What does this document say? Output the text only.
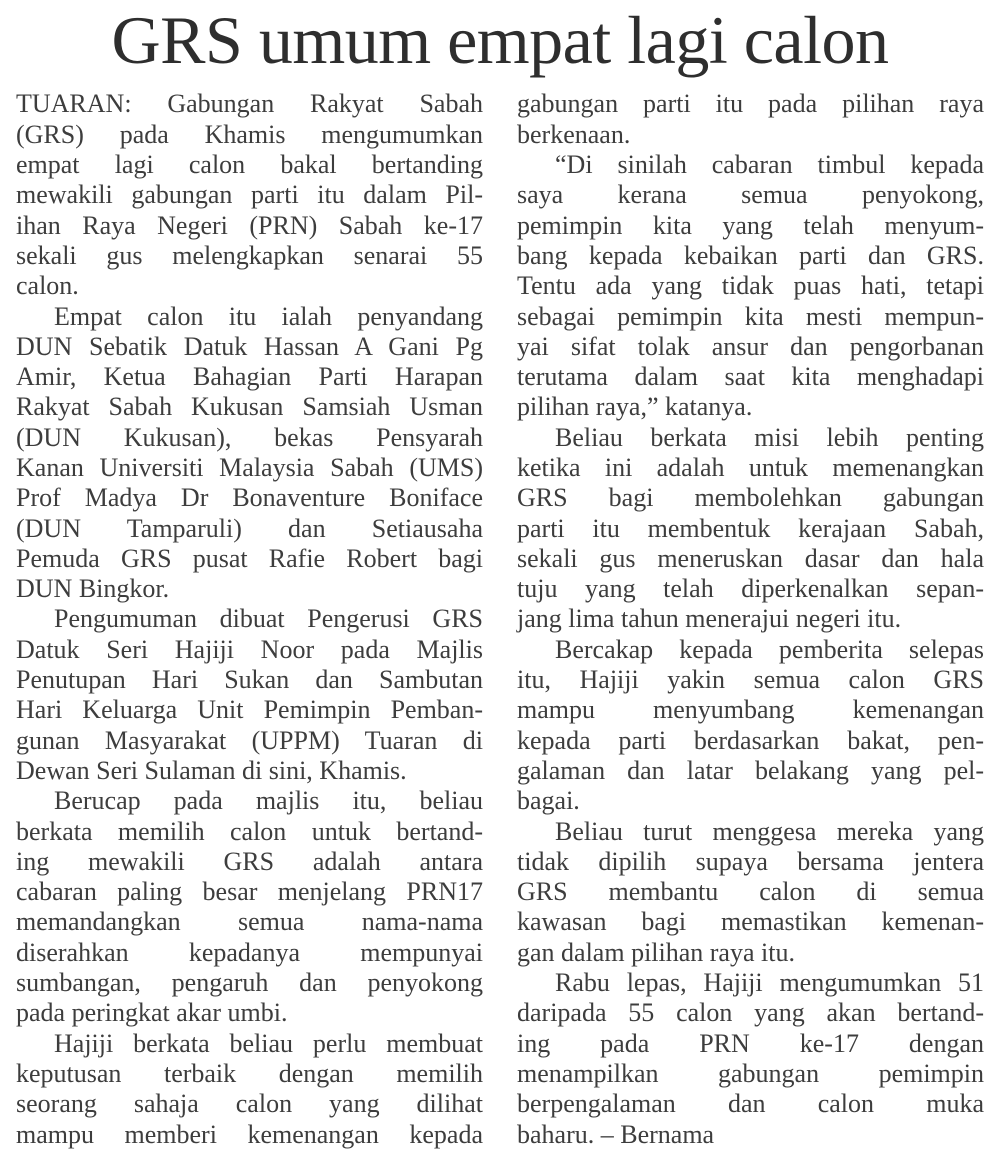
GRS umum empat lagi calon
TUARAN: Gabungan Rakyat Sabah
(GRS) pada Khamis mengumumkan
empat lagi calon bakal bertanding
mewakili gabungan parti itu dalam Pil-
ihan Raya Negeri (PRN) Sabah ke-17
sekali gus melengkapkan senarai 55
calon.
Empat calon itu ialah penyandang
DUN Sebatik Datuk Hassan A Gani Pg
Amir, Ketua Bahagian Parti Harapan
Rakyat Sabah Kukusan Samsiah Usman
(DUN Kukusan), bekas Pensyarah
Kanan Universiti Malaysia Sabah (UMS)
Prof Madya Dr Bonaventure Boniface
(DUN Tamparuli) dan Setiausaha
Pemuda GRS pusat Rafie Robert bagi
DUN Bingkor.
Pengumuman dibuat Pengerusi GRS
Datuk Seri Hajiji Noor pada Majlis
Penutupan Hari Sukan dan Sambutan
Hari Keluarga Unit Pemimpin Pemban-
gunan Masyarakat (UPPM) Tuaran di
Dewan Seri Sulaman di sini, Khamis.
Berucap pada majlis itu, beliau
berkata memilih calon untuk bertand-
ing mewakili GRS adalah antara
cabaran paling besar menjelang PRN17
memandangkan semua nama-nama
diserahkan kepadanya mempunyai
sumbangan, pengaruh dan penyokong
pada peringkat akar umbi.
Hajiji berkata beliau perlu membuat
keputusan terbaik dengan memilih
seorang sahaja calon yang dilihat
mampu memberi kemenangan kepada
gabungan parti itu pada pilihan raya
berkenaan.
“Di sinilah cabaran timbul kepada
saya kerana semua penyokong,
pemimpin kita yang telah menyum-
bang kepada kebaikan parti dan GRS.
Tentu ada yang tidak puas hati, tetapi
sebagai pemimpin kita mesti mempun-
yai sifat tolak ansur dan pengorbanan
terutama dalam saat kita menghadapi
pilihan raya,” katanya.
Beliau berkata misi lebih penting
ketika ini adalah untuk memenangkan
GRS bagi membolehkan gabungan
parti itu membentuk kerajaan Sabah,
sekali gus meneruskan dasar dan hala
tuju yang telah diperkenalkan sepan-
jang lima tahun menerajui negeri itu.
Bercakap kepada pemberita selepas
itu, Hajiji yakin semua calon GRS
mampu menyumbang kemenangan
kepada parti berdasarkan bakat, pen-
galaman dan latar belakang yang pel-
bagai.
Beliau turut menggesa mereka yang
tidak dipilih supaya bersama jentera
GRS membantu calon di semua
kawasan bagi memastikan kemenan-
gan dalam pilihan raya itu.
Rabu lepas, Hajiji mengumumkan 51
daripada 55 calon yang akan bertand-
ing pada PRN ke-17 dengan
menampilkan gabungan pemimpin
berpengalaman dan calon muka
baharu. – Bernama
